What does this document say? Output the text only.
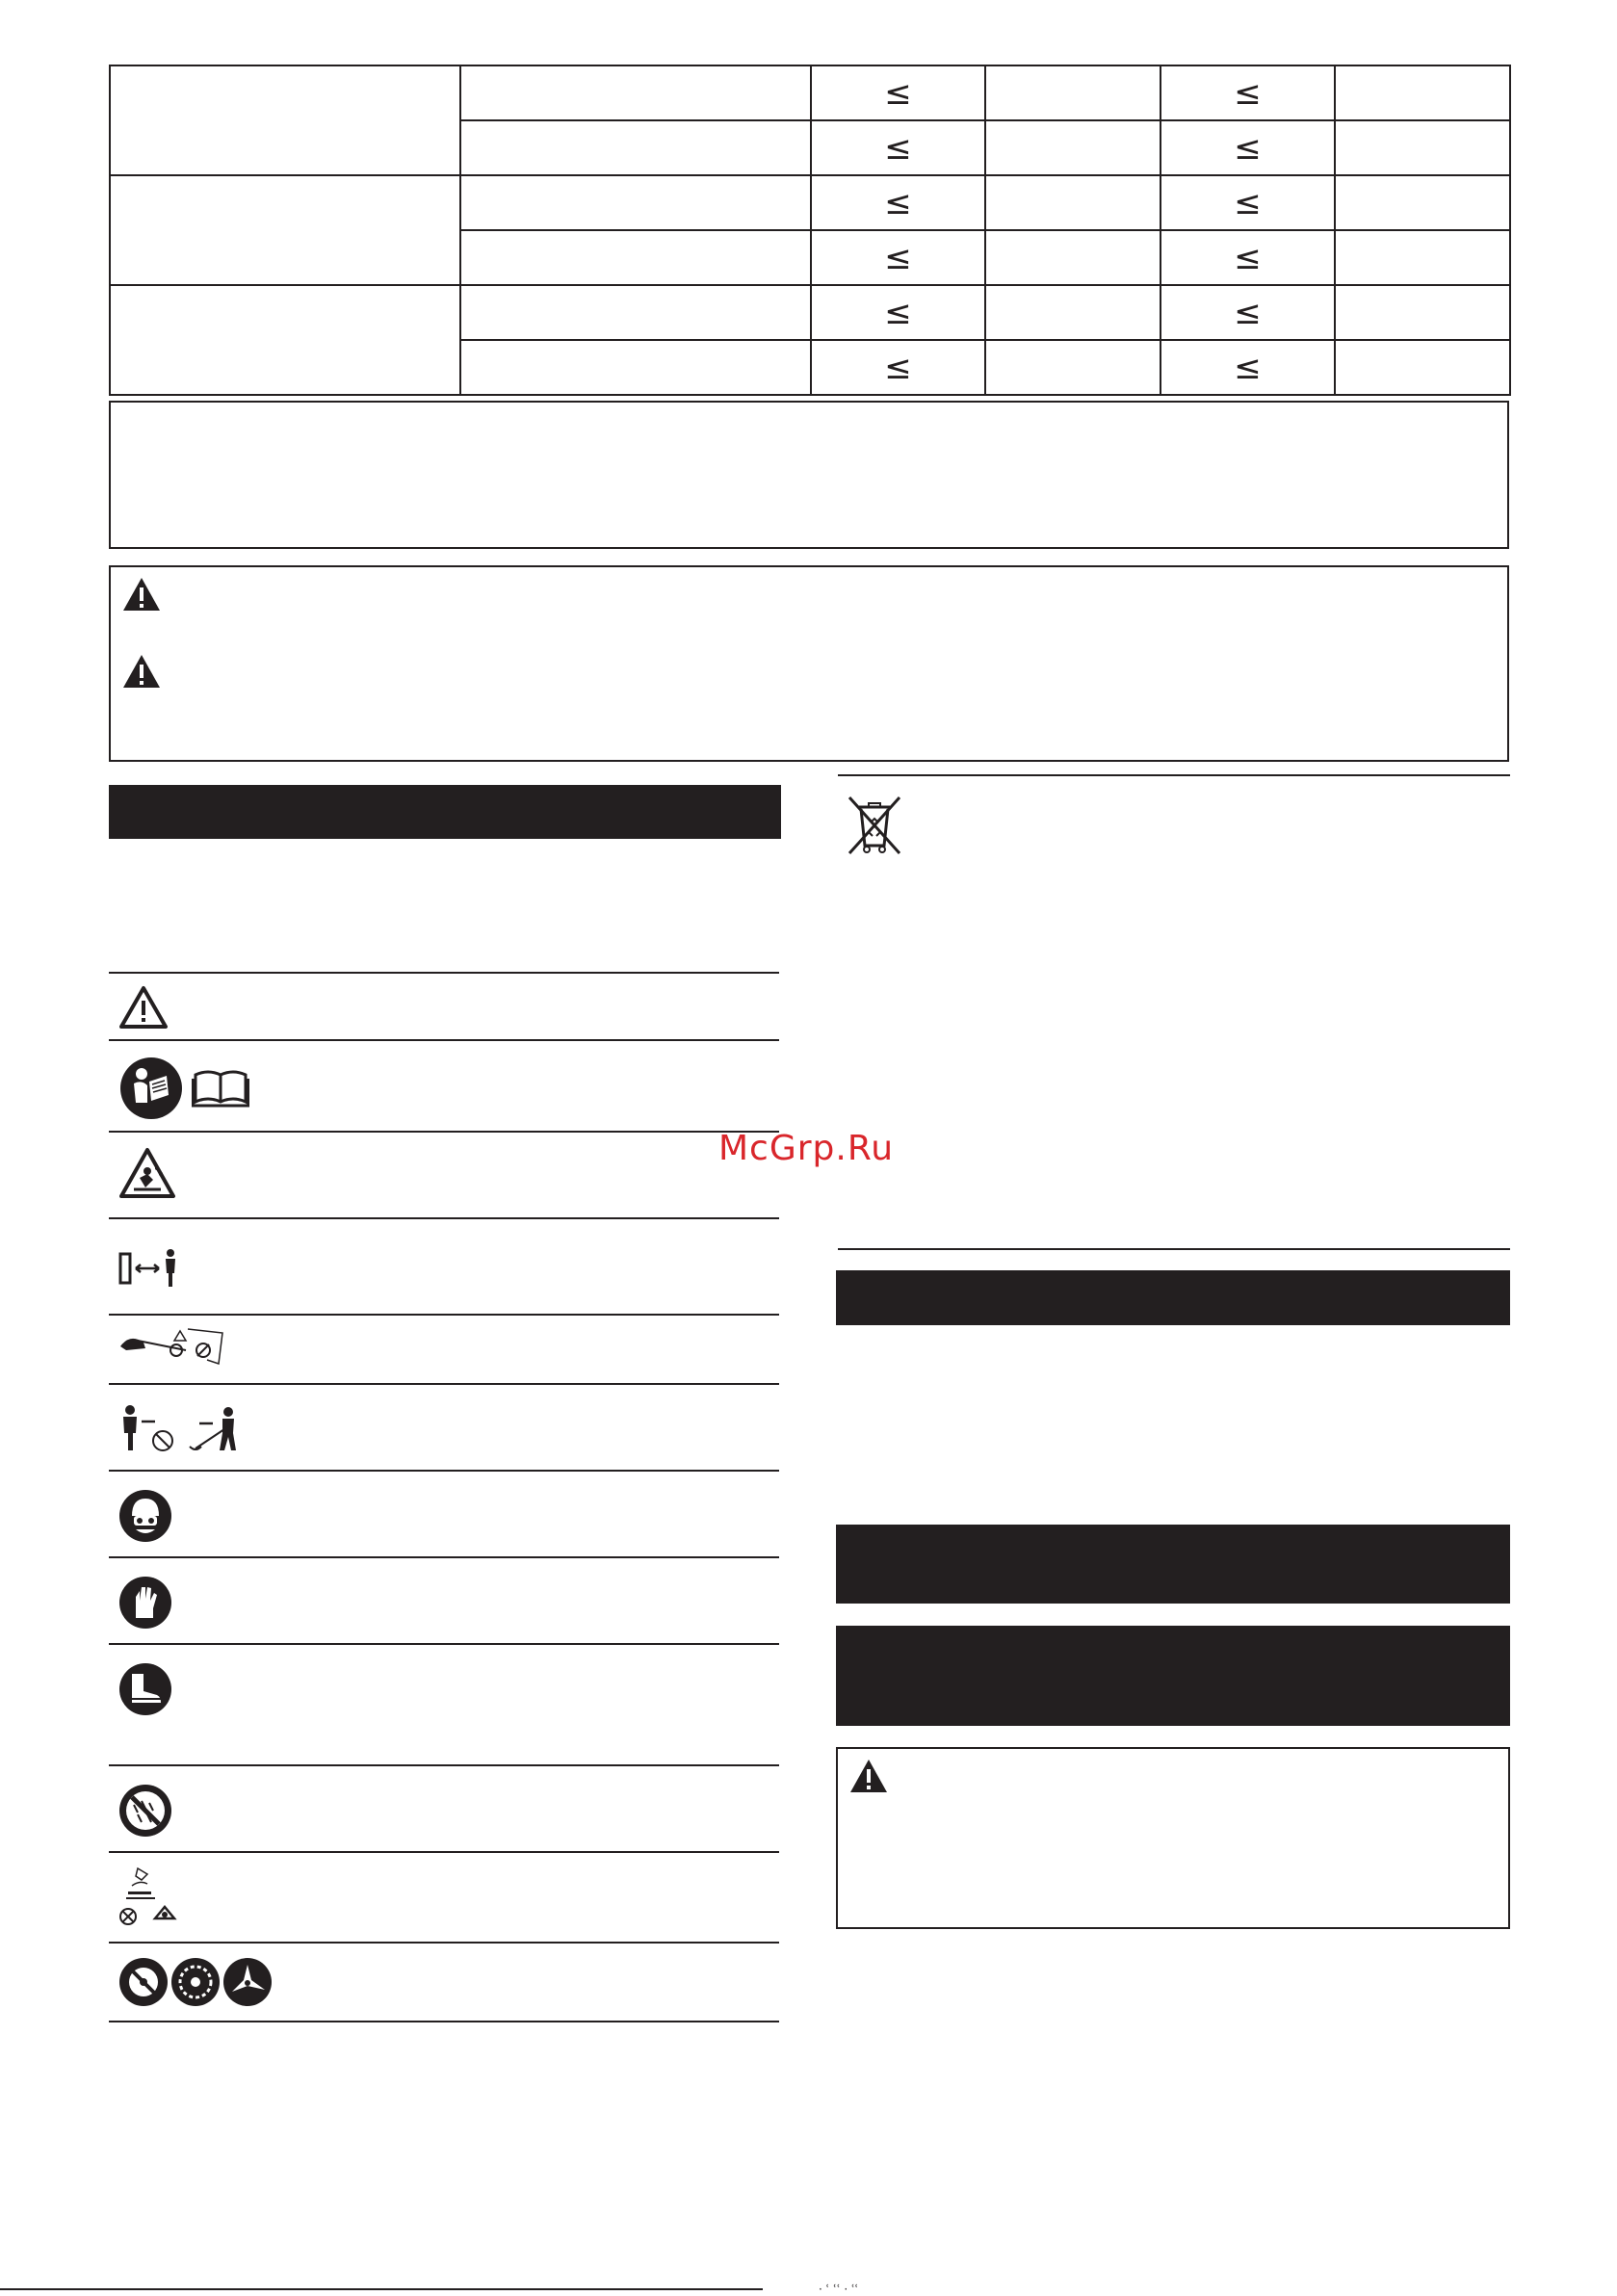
		≤		≤	
		≤		≤	
		≤		≤	
		≤		≤	
		≤		≤	
		≤		≤	
McGrp.Ru
· ʿ ʿʿ · ʿʿ
